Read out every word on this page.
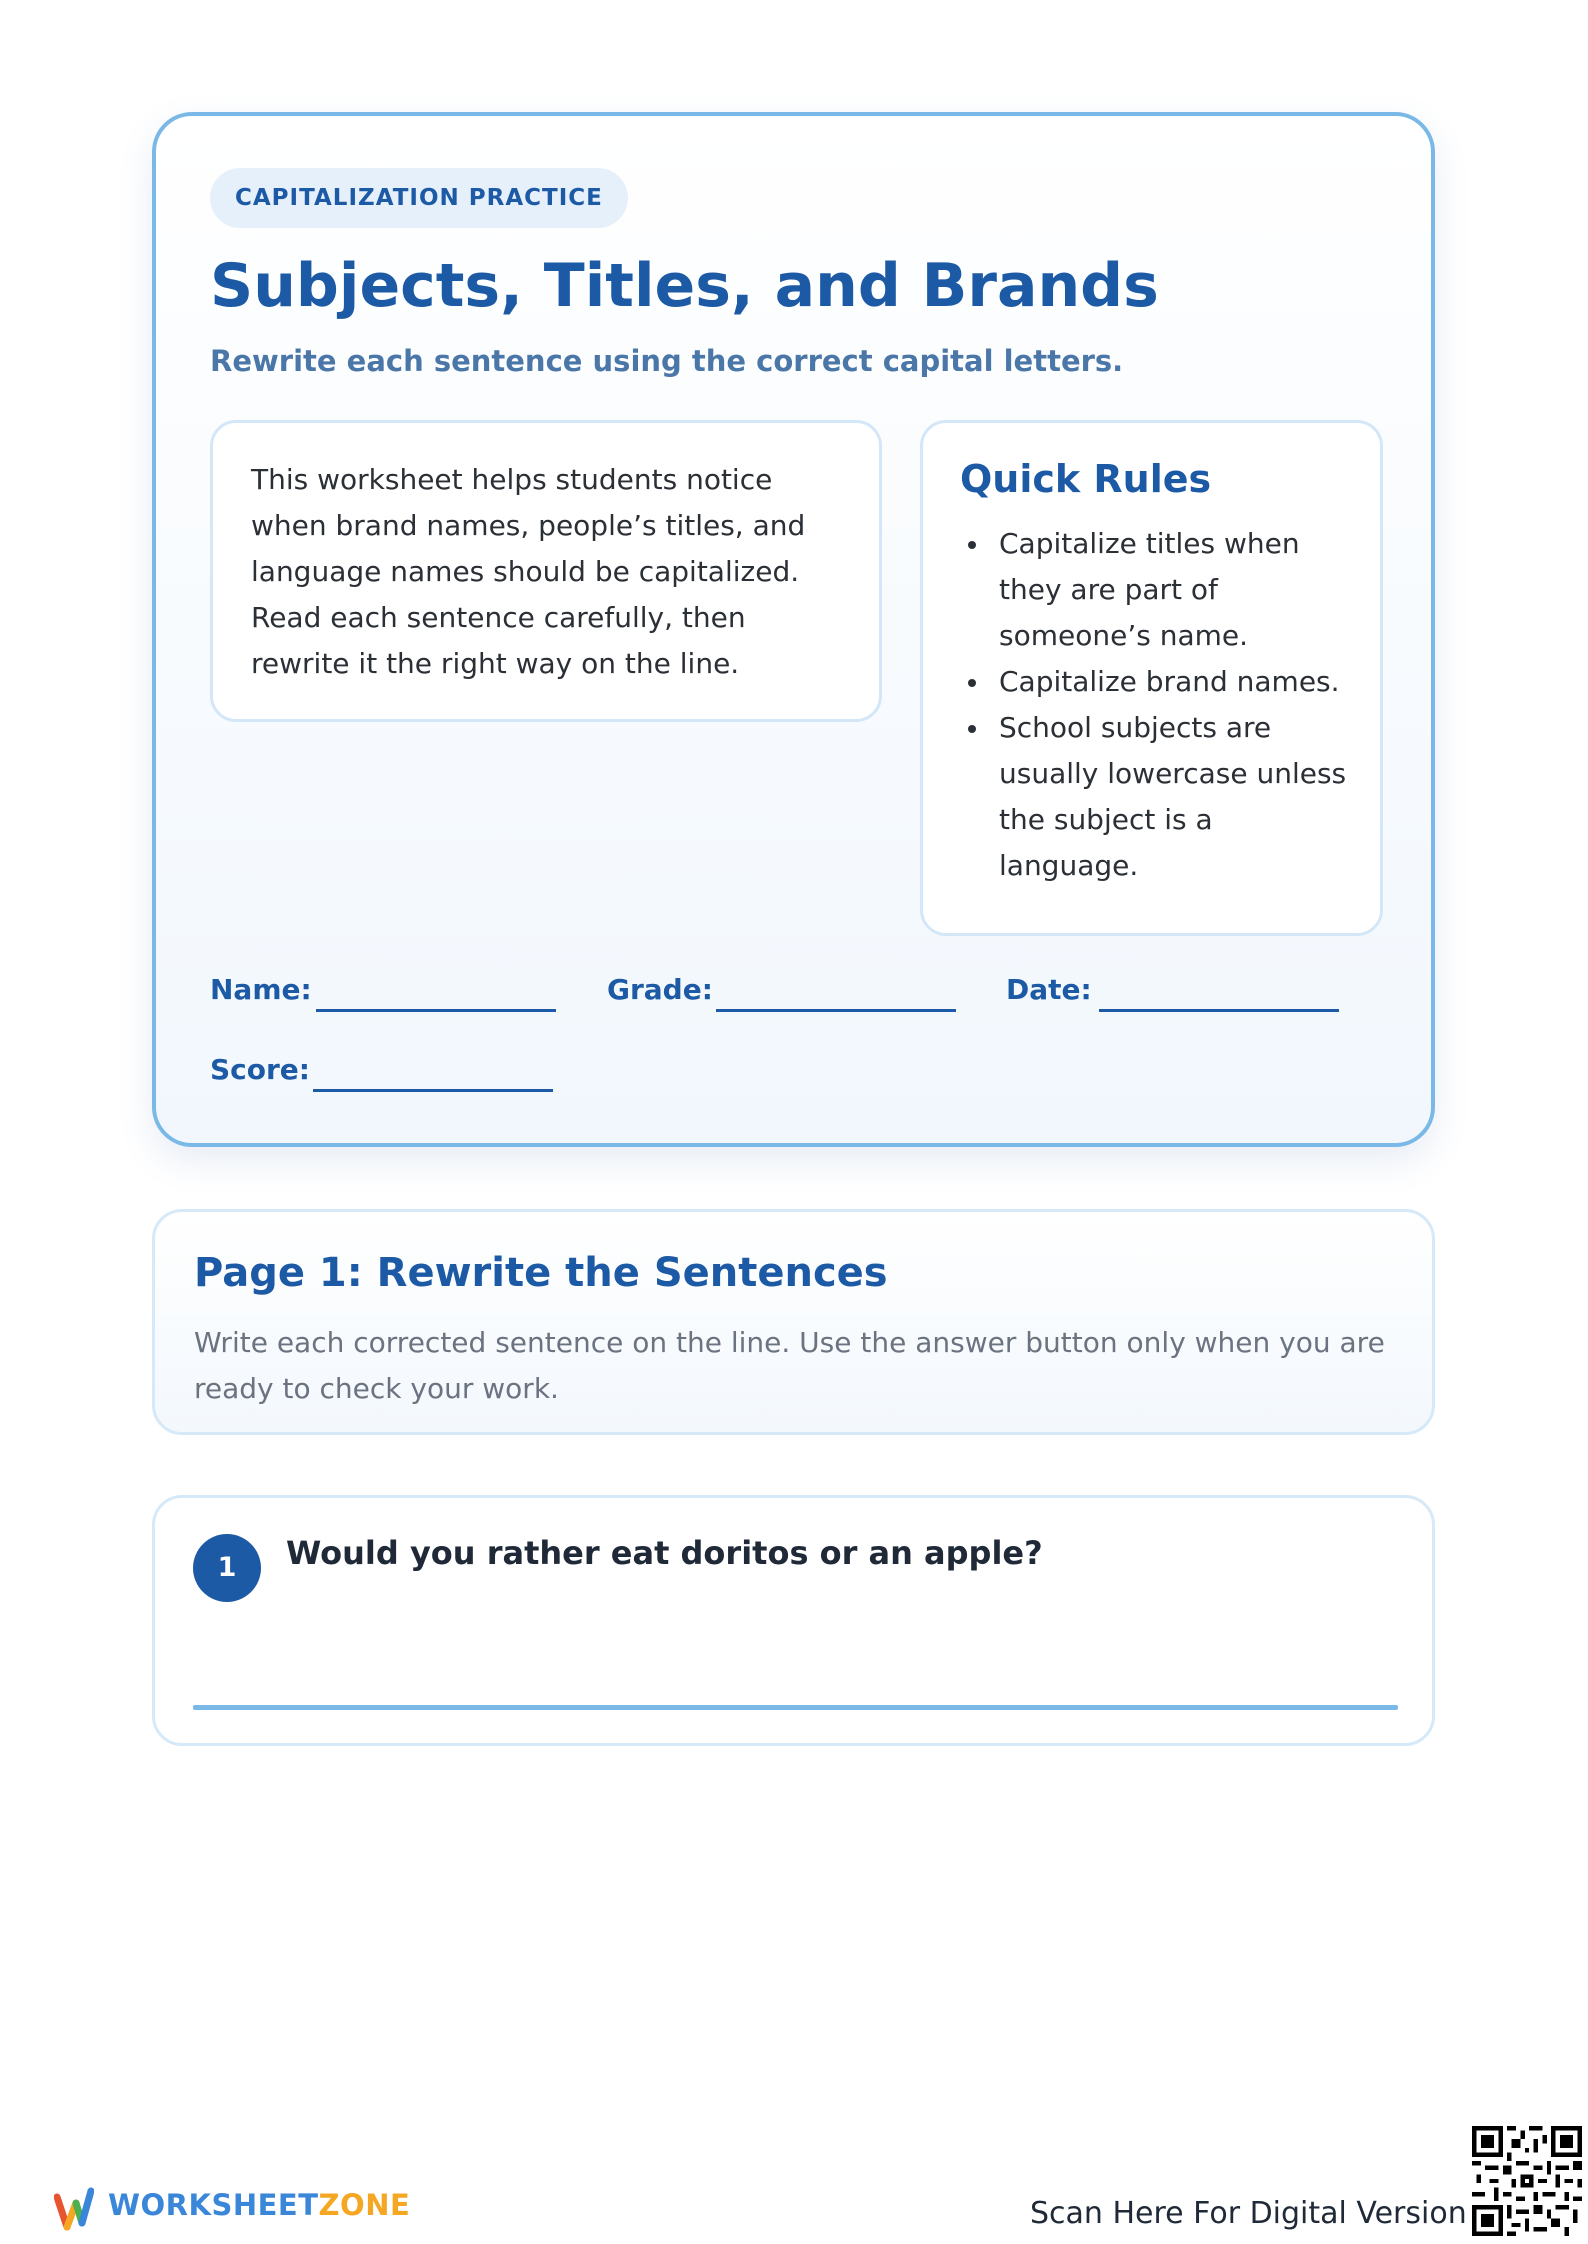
CAPITALIZATION PRACTICE
Subjects, Titles, and Brands
Rewrite each sentence using the correct capital letters.

This worksheet helps students notice when brand names, people’s titles, and language names should be capitalized. Read each sentence carefully, then rewrite it the right way on the line.

Quick Rules
Capitalize titles when they are part of someone’s name.
Capitalize brand names.
School subjects are usually lowercase unless the subject is a language.
Name:	Grade:	Date:
Score:
Page 1: Rewrite the Sentences

Write each corrected sentence on the line. Use the answer button only when you are ready to check your work.

1	Would you rather eat doritos or an apple?
WORKSHEETZONE	Scan Here For Digital Version
